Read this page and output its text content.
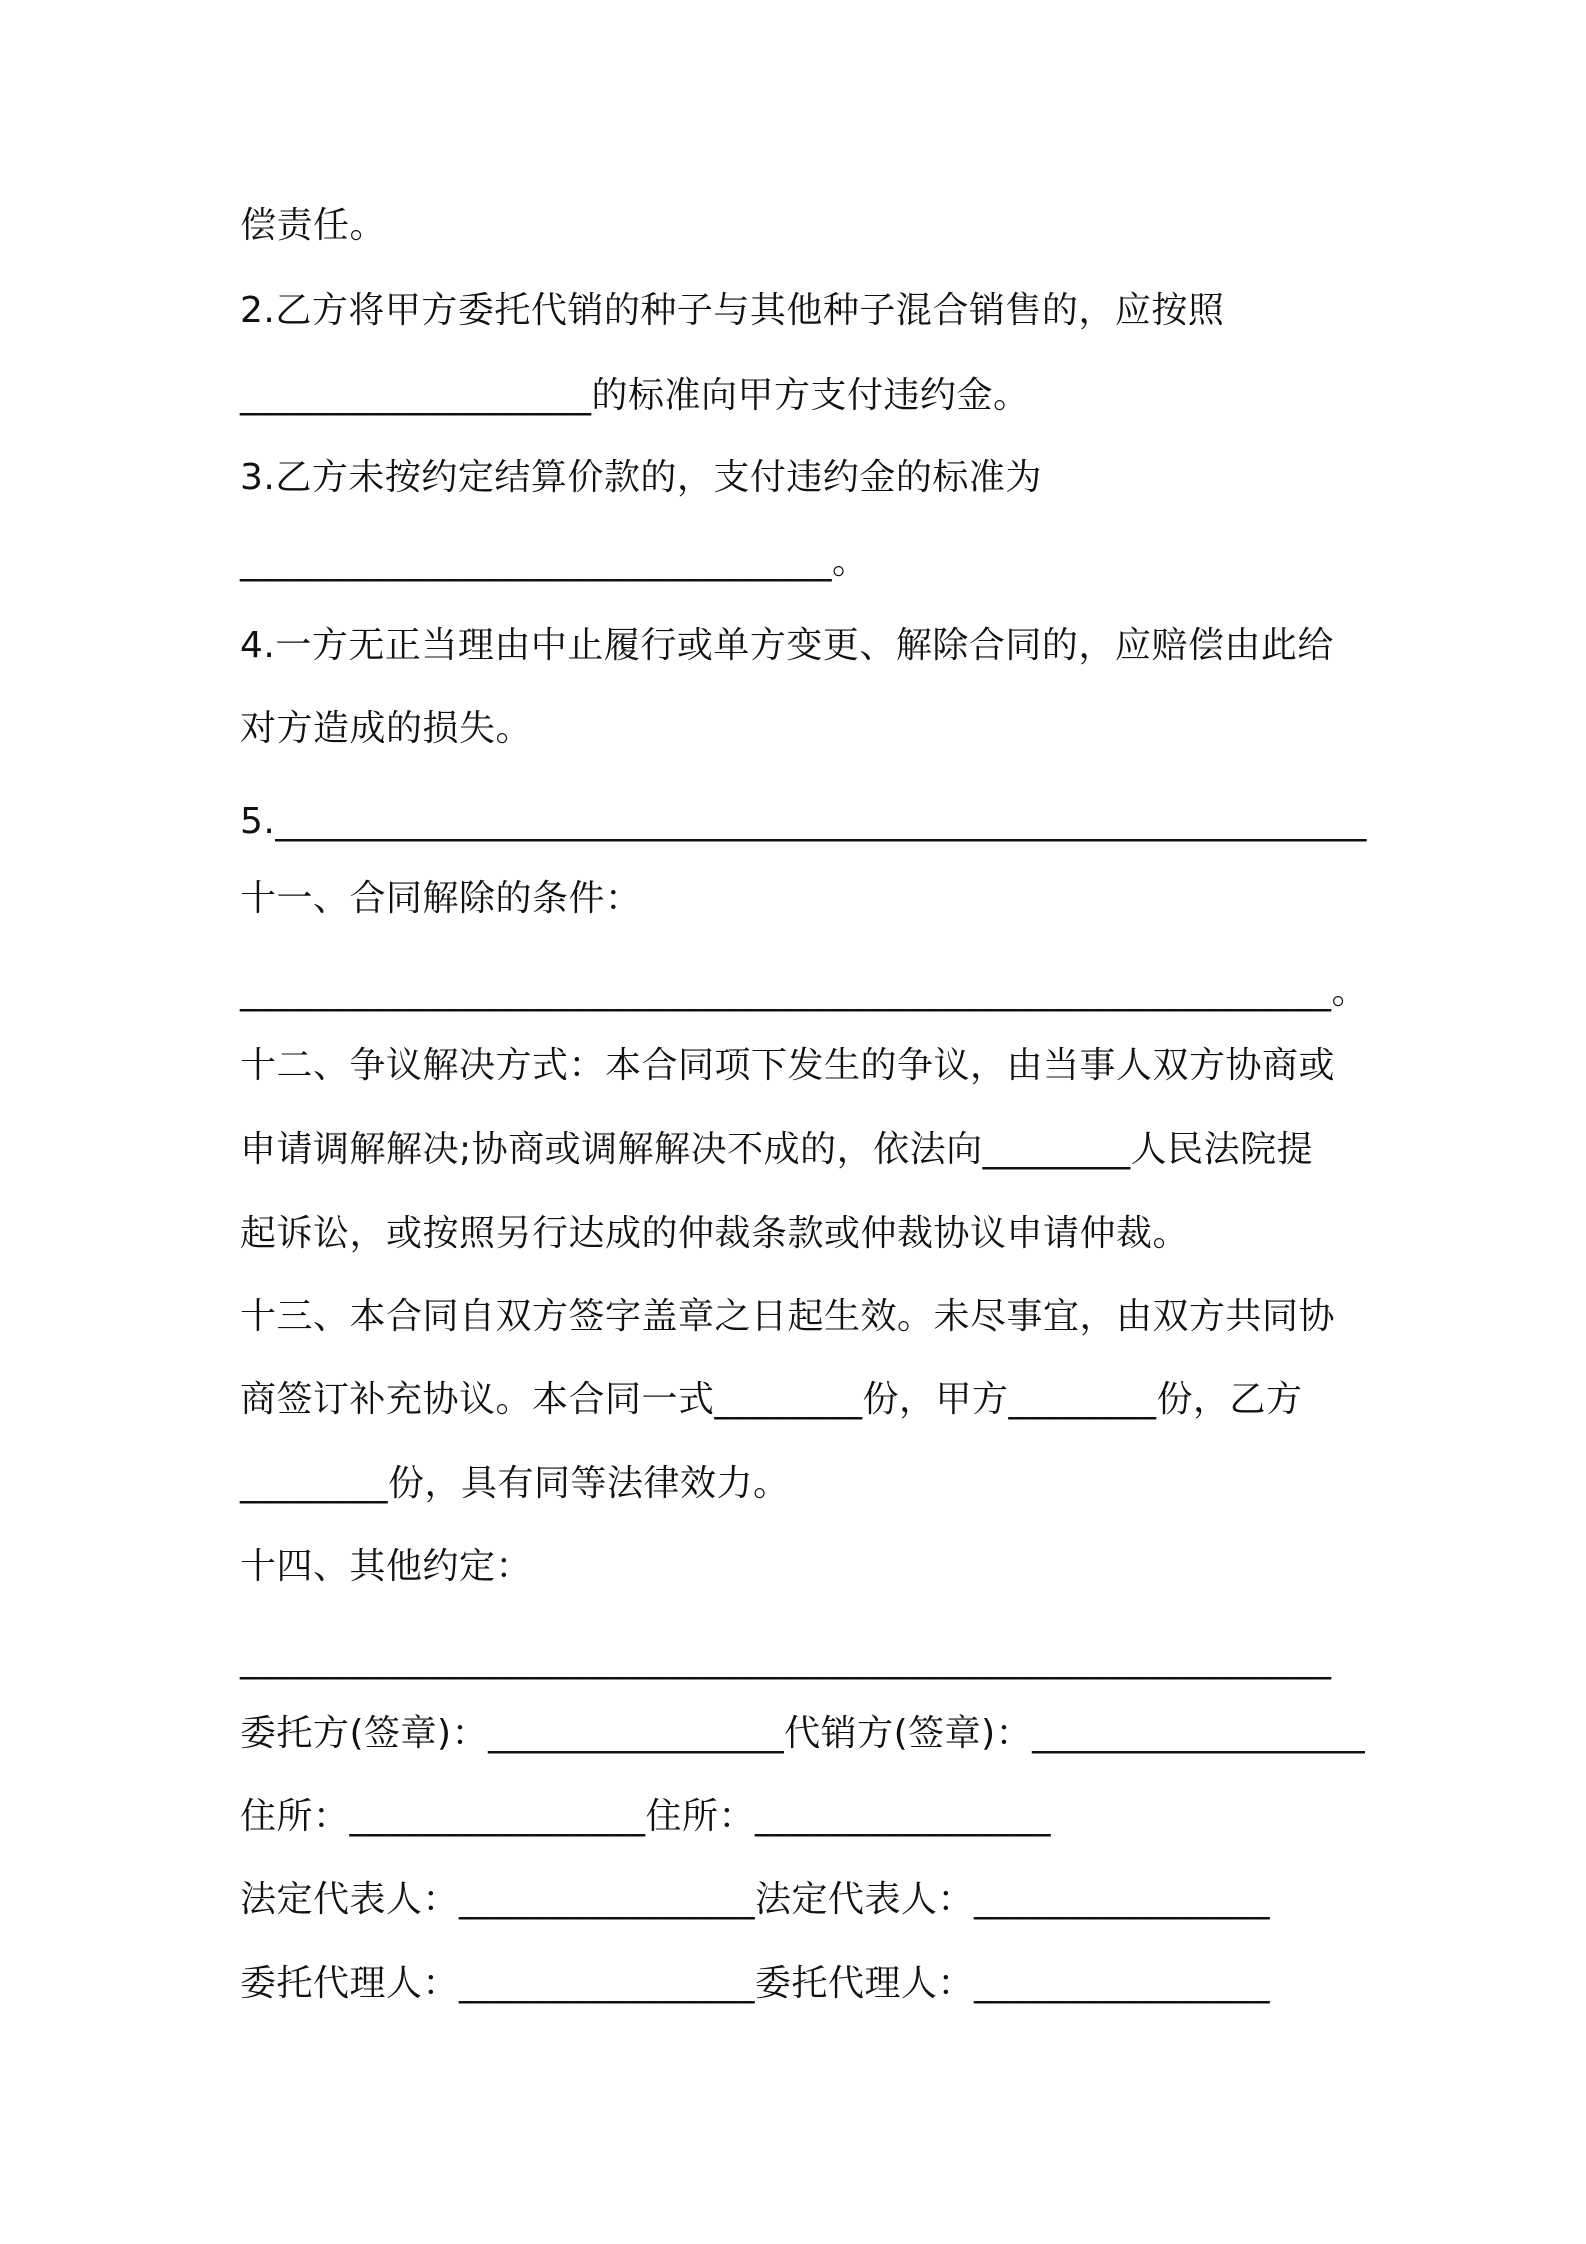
偿责任。
2.乙方将甲方委托代销的种子与其他种子混合销售的，应按照
___________________的标准向甲方支付违约金。
3.乙方未按约定结算价款的，支付违约金的标准为
________________________________。
4.一方无正当理由中止履行或单方变更、解除合同的，应赔偿由此给
对方造成的损失。
5.___________________________________________________________
十一、合同解除的条件：
___________________________________________________________。
十二、争议解决方式：本合同项下发生的争议，由当事人双方协商或
申请调解解决;协商或调解解决不成的，依法向________人民法院提
起诉讼，或按照另行达成的仲裁条款或仲裁协议申请仲裁。
十三、本合同自双方签字盖章之日起生效。未尽事宜，由双方共同协
商签订补充协议。本合同一式________份，甲方________份，乙方
________份，具有同等法律效力。
十四、其他约定：
___________________________________________________________
委托方(签章)：________________代销方(签章)：__________________
住所：________________住所：________________
法定代表人：________________法定代表人：________________
委托代理人：________________委托代理人：________________
